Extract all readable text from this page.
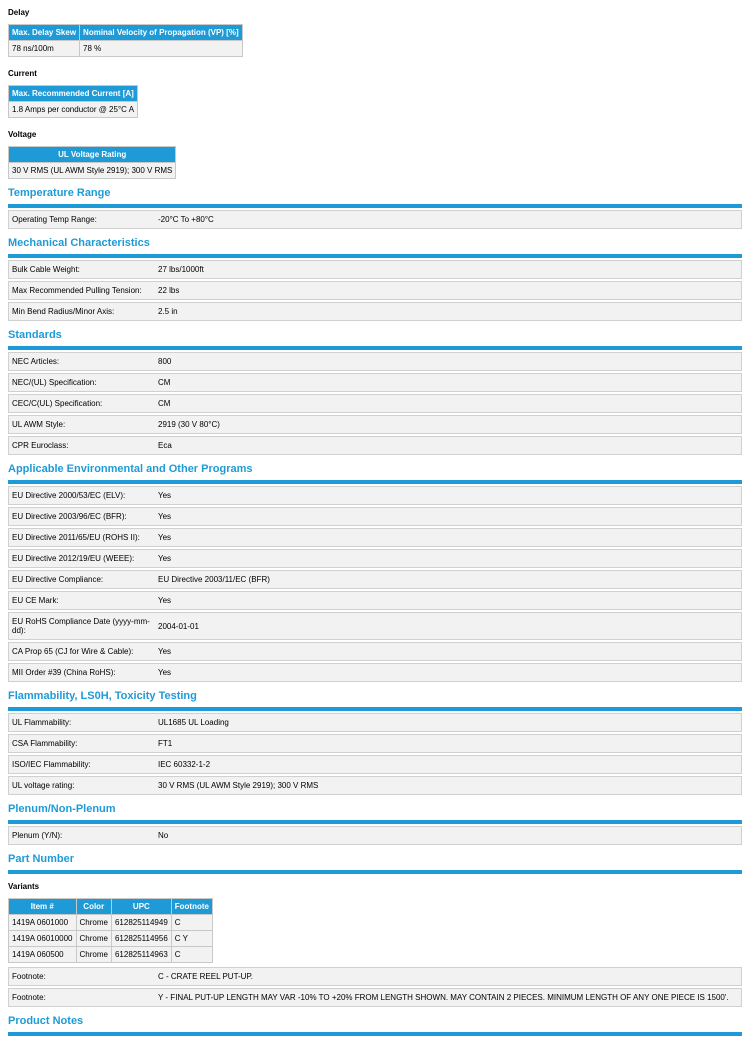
Delay
Max. Delay Skew	Nominal Velocity of Propagation (VP) [%]
78 ns/100m	78 %
Current
Max. Recommended Current [A]
1.8 Amps per conductor @ 25°C A
Voltage
UL Voltage Rating
30 V RMS (UL AWM Style 2919); 300 V RMS
Temperature Range
Operating Temp Range:	-20°C To +80°C
Mechanical Characteristics
Bulk Cable Weight:	27 lbs/1000ft
Max Recommended Pulling Tension:	22 lbs
Min Bend Radius/Minor Axis:	2.5 in
Standards
NEC Articles:	800
NEC/(UL) Specification:	CM
CEC/C(UL) Specification:	CM
UL AWM Style:	2919 (30 V 80°C)
CPR Euroclass:	Eca
Applicable Environmental and Other Programs
EU Directive 2000/53/EC (ELV):	Yes
EU Directive 2003/96/EC (BFR):	Yes
EU Directive 2011/65/EU (ROHS II):	Yes
EU Directive 2012/19/EU (WEEE):	Yes
EU Directive Compliance:	EU Directive 2003/11/EC (BFR)
EU CE Mark:	Yes
EU RoHS Compliance Date (yyyy-mm-dd):	2004-01-01
CA Prop 65 (CJ for Wire & Cable):	Yes
MII Order #39 (China RoHS):	Yes
Flammability, LS0H, Toxicity Testing
UL Flammability:	UL1685 UL Loading
CSA Flammability:	FT1
ISO/IEC Flammability:	IEC 60332-1-2
UL voltage rating:	30 V RMS (UL AWM Style 2919); 300 V RMS
Plenum/Non-Plenum
Plenum (Y/N):	No
Part Number
Variants
Item #	Color	UPC	Footnote
1419A 0601000	Chrome	612825114949	C
1419A 06010000	Chrome	612825114956	C Y
1419A 060500	Chrome	612825114963	C
Footnote:	C - CRATE REEL PUT-UP.
Footnote:	Y - FINAL PUT-UP LENGTH MAY VAR -10% TO +20% FROM LENGTH SHOWN. MAY CONTAIN 2 PIECES. MINIMUM LENGTH OF ANY ONE PIECE IS 1500'.
Product Notes
